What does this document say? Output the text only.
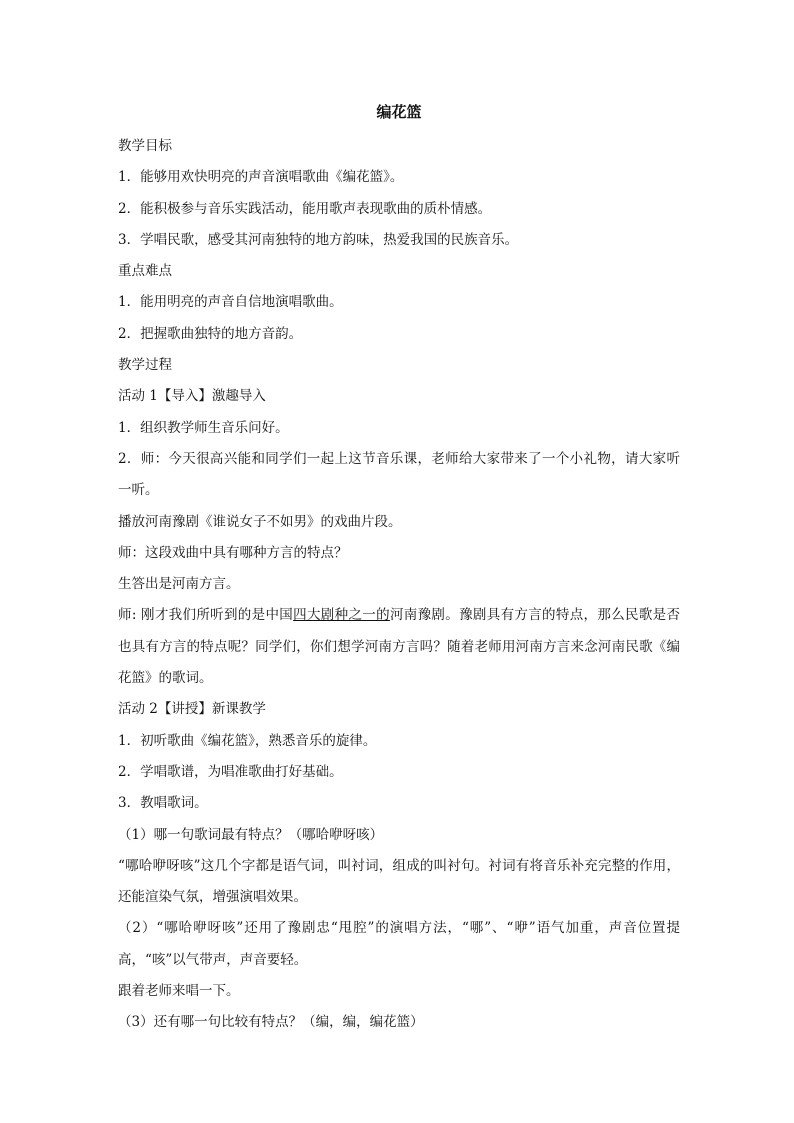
编花篮
教学目标
1．能够用欢快明亮的声音演唱歌曲《编花篮》。
2．能积极参与音乐实践活动，能用歌声表现歌曲的质朴情感。
3．学唱民歌，感受其河南独特的地方韵味，热爱我国的民族音乐。
重点难点
1．能用明亮的声音自信地演唱歌曲。
2．把握歌曲独特的地方音韵。
教学过程
活动 1【导入】激趣导入
1．组织教学师生音乐问好。
2．师：今天很高兴能和同学们一起上这节音乐课，老师给大家带来了一个小礼物，请大家听一听。
播放河南豫剧《谁说女子不如男》的戏曲片段。
师：这段戏曲中具有哪种方言的特点？
生答出是河南方言。
师: 刚才我们所听到的是中国四大剧种之一的河南豫剧。豫剧具有方言的特点，那么民歌是否也具有方言的特点呢？同学们，你们想学河南方言吗？随着老师用河南方言来念河南民歌《编花篮》的歌词。
活动 2【讲授】新课教学
1．初听歌曲《编花篮》，熟悉音乐的旋律。
2．学唱歌谱，为唱准歌曲打好基础。
3．教唱歌词。
（1）哪一句歌词最有特点？（哪哈咿呀咳）
“哪哈咿呀咳”这几个字都是语气词，叫衬词，组成的叫衬句。衬词有将音乐补充完整的作用，还能渲染气氛，增强演唱效果。
（2）“哪哈咿呀咳”还用了豫剧忠“甩腔”的演唱方法，“哪”、“咿”语气加重，声音位置提高，“咳”以气带声，声音要轻。
跟着老师来唱一下。
（3）还有哪一句比较有特点？（编，编，编花篮）
